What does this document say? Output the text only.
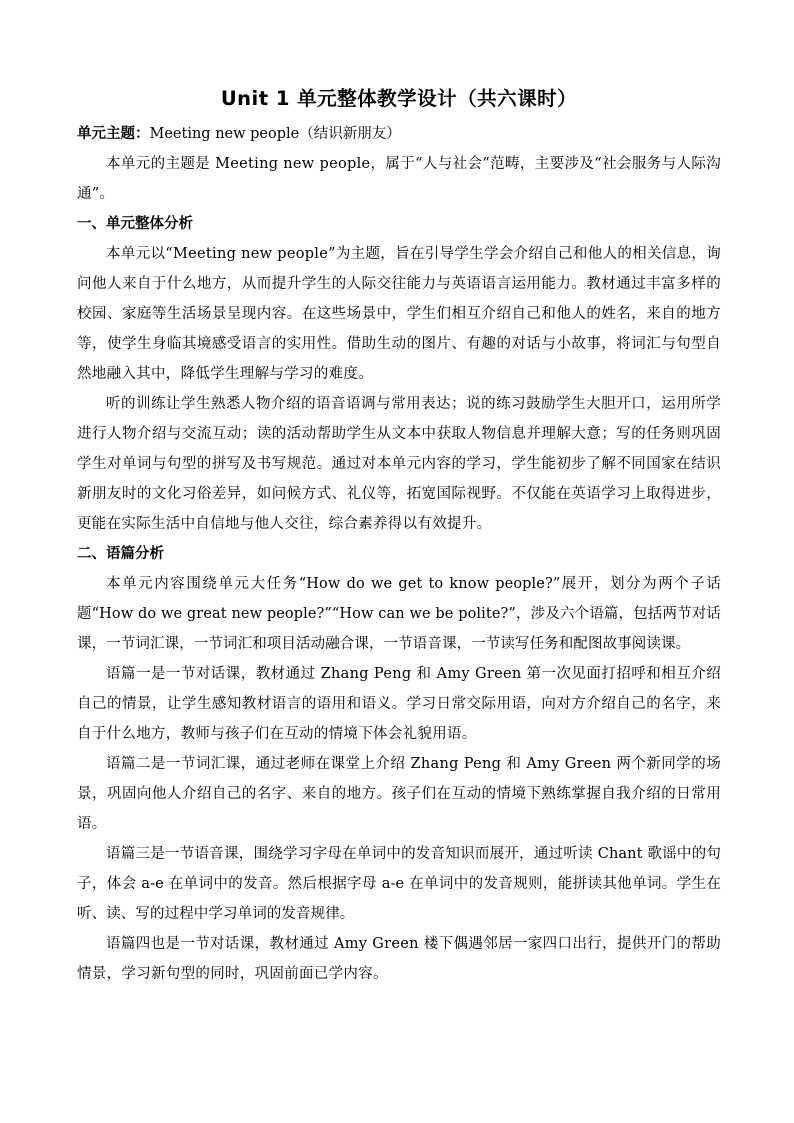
Unit 1 单元整体教学设计（共六课时）

单元主题：Meeting new people（结识新朋友）

本单元的主题是 Meeting new people，属于“人与社会”范畴，主要涉及“社会服务与人际沟通”。

一、单元整体分析

本单元以“Meeting new people”为主题，旨在引导学生学会介绍自己和他人的相关信息，询问他人来自于什么地方，从而提升学生的人际交往能力与英语语言运用能力。教材通过丰富多样的校园、家庭等生活场景呈现内容。在这些场景中，学生们相互介绍自己和他人的姓名，来自的地方等，使学生身临其境感受语言的实用性。借助生动的图片、有趣的对话与小故事，将词汇与句型自然地融入其中，降低学生理解与学习的难度。

听的训练让学生熟悉人物介绍的语音语调与常用表达；说的练习鼓励学生大胆开口，运用所学进行人物介绍与交流互动；读的活动帮助学生从文本中获取人物信息并理解大意；写的任务则巩固学生对单词与句型的拼写及书写规范。通过对本单元内容的学习，学生能初步了解不同国家在结识新朋友时的文化习俗差异，如问候方式、礼仪等，拓宽国际视野。不仅能在英语学习上取得进步，更能在实际生活中自信地与他人交往，综合素养得以有效提升。

二、语篇分析

本单元内容围绕单元大任务“How do we get to know people?”展开，划分为两个子话题“How do we great new people?”“How can we be polite?”，涉及六个语篇，包括两节对话课，一节词汇课，一节词汇和项目活动融合课，一节语音课，一节读写任务和配图故事阅读课。

语篇一是一节对话课，教材通过 Zhang Peng 和 Amy Green 第一次见面打招呼和相互介绍自己的情景，让学生感知教材语言的语用和语义。学习日常交际用语，向对方介绍自己的名字，来自于什么地方，教师与孩子们在互动的情境下体会礼貌用语。

语篇二是一节词汇课，通过老师在课堂上介绍 Zhang Peng 和 Amy Green 两个新同学的场景，巩固向他人介绍自己的名字、来自的地方。孩子们在互动的情境下熟练掌握自我介绍的日常用语。

语篇三是一节语音课，围绕学习字母在单词中的发音知识而展开，通过听读 Chant 歌谣中的句子，体会 a-e 在单词中的发音。然后根据字母 a-e 在单词中的发音规则，能拼读其他单词。学生在听、读、写的过程中学习单词的发音规律。

语篇四也是一节对话课，教材通过 Amy Green 楼下偶遇邻居一家四口出行，提供开门的帮助情景，学习新句型的同时，巩固前面已学内容。
